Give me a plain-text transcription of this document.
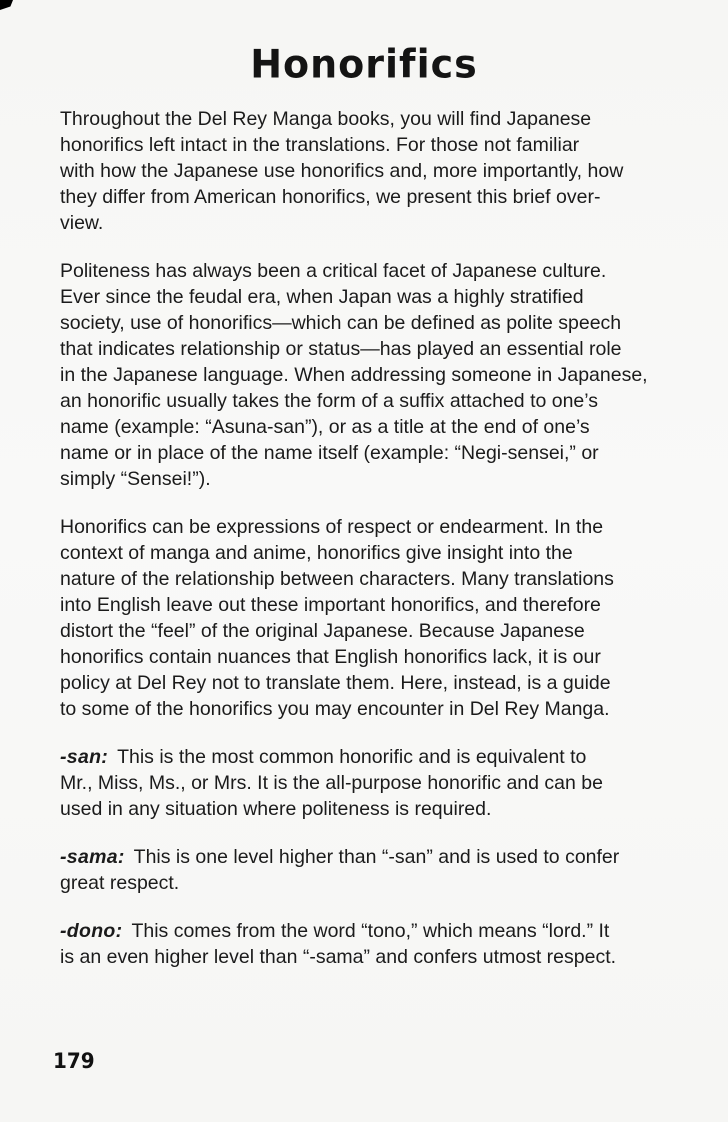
Honorifics

Throughout the Del Rey Manga books, you will find Japanese
honorifics left intact in the translations. For those not familiar
with how the Japanese use honorifics and, more importantly, how
they differ from American honorifics, we present this brief over-
view.

Politeness has always been a critical facet of Japanese culture.
Ever since the feudal era, when Japan was a highly stratified
society, use of honorifics—which can be defined as polite speech
that indicates relationship or status—has played an essential role
in the Japanese language. When addressing someone in Japanese,
an honorific usually takes the form of a suffix attached to one’s
name (example: “Asuna-san”), or as a title at the end of one’s
name or in place of the name itself (example: “Negi-sensei,” or
simply “Sensei!”).

Honorifics can be expressions of respect or endearment. In the
context of manga and anime, honorifics give insight into the
nature of the relationship between characters. Many translations
into English leave out these important honorifics, and therefore
distort the “feel” of the original Japanese. Because Japanese
honorifics contain nuances that English honorifics lack, it is our
policy at Del Rey not to translate them. Here, instead, is a guide
to some of the honorifics you may encounter in Del Rey Manga.

-san: This is the most common honorific and is equivalent to
Mr., Miss, Ms., or Mrs. It is the all-purpose honorific and can be
used in any situation where politeness is required.

-sama: This is one level higher than “-san” and is used to confer
great respect.

-dono: This comes from the word “tono,” which means “lord.” It
is an even higher level than “-sama” and confers utmost respect.

179
